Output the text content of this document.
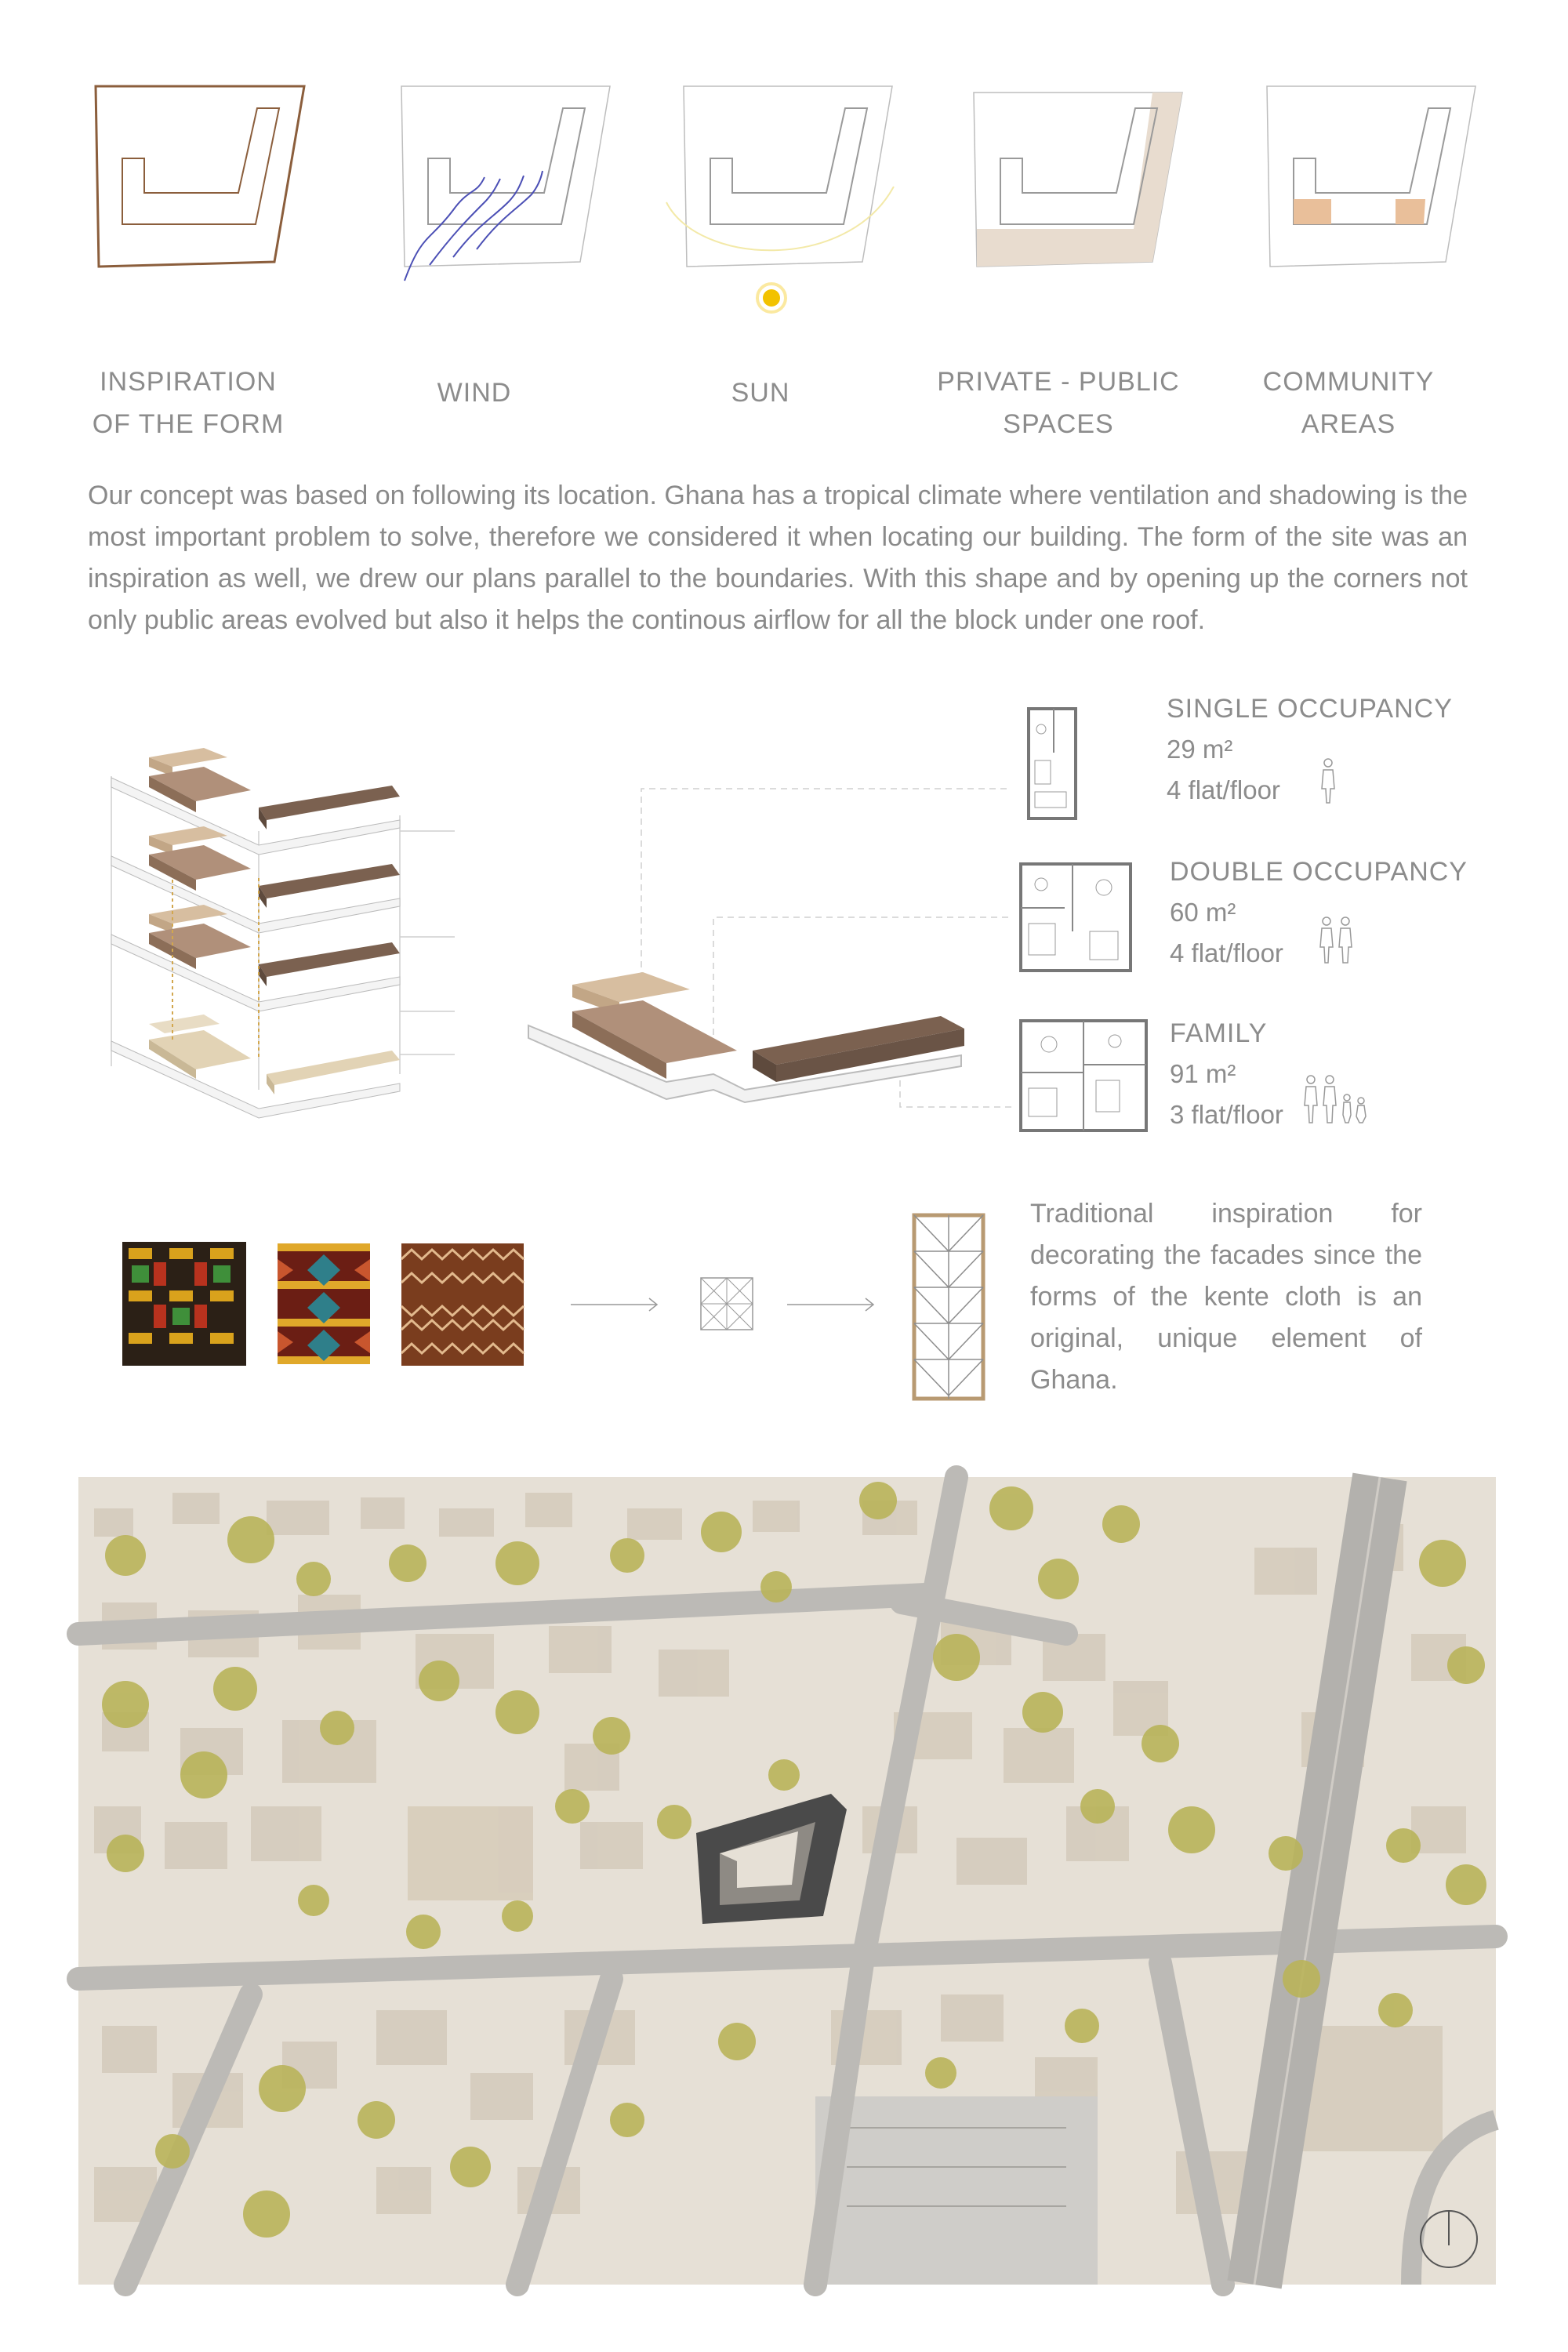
INSPIRATION
OF THE FORM
WIND	SUN	PRIVATE - PUBLIC
SPACES
COMMUNITY
AREAS
Our concept was based on following its location. Ghana has a tropical climate where ventilation and shadowing is the most important problem to solve, therefore we considered it when locating our building. The form of the site was an inspiration as well, we drew our plans parallel to the boundaries. With this shape and by opening up the corners not only public areas evolved but also it helps the continous airflow for all the block under one roof.
SINGLE OCCUPANCY
29 m²
4 flat/floor
DOUBLE OCCUPANCY
60 m²
4 flat/floor
FAMILY
91 m²
3 flat/floor
Traditional inspiration for decorating the facades since the forms of the kente cloth is an original, unique element of Ghana.
